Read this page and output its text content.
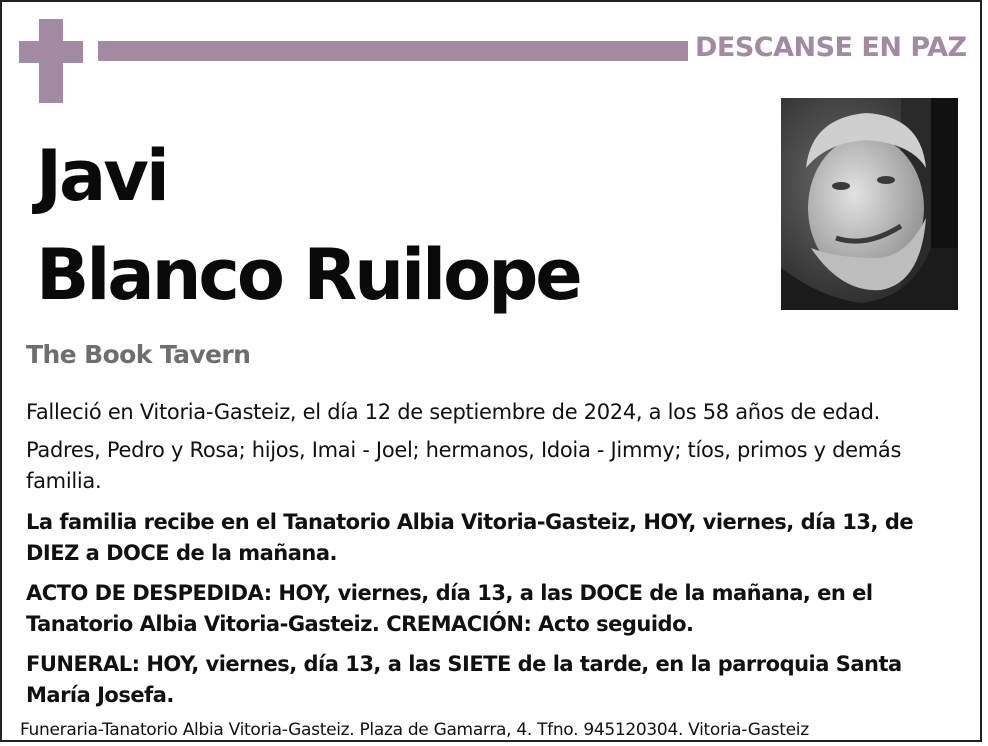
DESCANSE EN PAZ
Javi
Blanco Ruilope
The Book Tavern
Falleció en Vitoria-Gasteiz, el día 12 de septiembre de 2024, a los 58 años de edad.
Padres, Pedro y Rosa; hijos, Imai - Joel; hermanos, Idoia - Jimmy; tíos, primos y demás familia.
La familia recibe en el Tanatorio Albia Vitoria-Gasteiz, HOY, viernes, día 13, de DIEZ a DOCE de la mañana.
ACTO DE DESPEDIDA: HOY, viernes, día 13, a las DOCE de la mañana, en el Tanatorio Albia Vitoria-Gasteiz. CREMACIÓN: Acto seguido.
FUNERAL: HOY, viernes, día 13, a las SIETE de la tarde, en la parroquia Santa María Josefa.
Funeraria-Tanatorio Albia Vitoria-Gasteiz. Plaza de Gamarra, 4. Tfno. 945120304. Vitoria-Gasteiz
